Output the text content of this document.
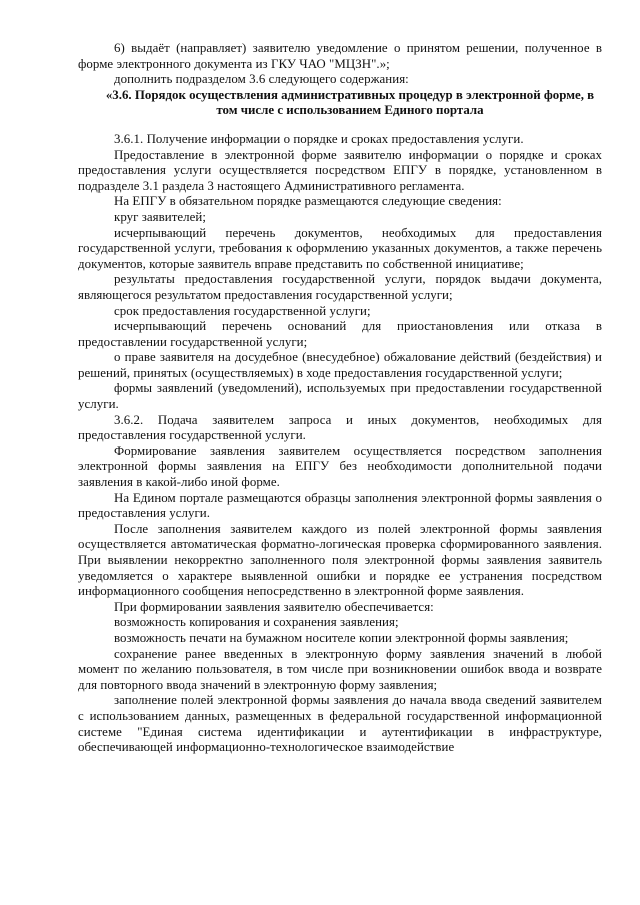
6) выдаёт (направляет) заявителю уведомление о принятом решении, полученное в форме электронного документа из ГКУ ЧАО "МЦЗН".»;

дополнить подразделом 3.6 следующего содержания:

«3.6. Порядок осуществления административных процедур в электронной форме, в том числе с использованием Единого портала

3.6.1. Получение информации о порядке и сроках предоставления услуги.

Предоставление в электронной форме заявителю информации о порядке и сроках предоставления услуги осуществляется посредством ЕПГУ в порядке, установленном в подразделе 3.1 раздела 3 настоящего Административного регламента.

На ЕПГУ в обязательном порядке размещаются следующие сведения:

круг заявителей;

исчерпывающий перечень документов, необходимых для предоставления государственной услуги, требования к оформлению указанных документов, а также перечень документов, которые заявитель вправе представить по собственной инициативе;

результаты предоставления государственной услуги, порядок выдачи документа, являющегося результатом предоставления государственной услуги;

срок предоставления государственной услуги;

исчерпывающий перечень оснований для приостановления или отказа в предоставлении государственной услуги;

о праве заявителя на досудебное (внесудебное) обжалование действий (бездействия) и решений, принятых (осуществляемых) в ходе предоставления государственной услуги;

формы заявлений (уведомлений), используемых при предоставлении государственной услуги.

3.6.2. Подача заявителем запроса и иных документов, необходимых для предоставления государственной услуги.

Формирование заявления заявителем осуществляется посредством заполнения электронной формы заявления на ЕПГУ без необходимости дополнительной подачи заявления в какой-либо иной форме.

На Едином портале размещаются образцы заполнения электронной формы заявления о предоставления услуги.

После заполнения заявителем каждого из полей электронной формы заявления осуществляется автоматическая форматно-логическая проверка сформированного заявления. При выявлении некорректно заполненного поля электронной формы заявления заявитель уведомляется о характере выявленной ошибки и порядке ее устранения посредством информационного сообщения непосредственно в электронной форме заявления.

При формировании заявления заявителю обеспечивается:

возможность копирования и сохранения заявления;

возможность печати на бумажном носителе копии электронной формы заявления;

сохранение ранее введенных в электронную форму заявления значений в любой момент по желанию пользователя, в том числе при возникновении ошибок ввода и возврате для повторного ввода значений в электронную форму заявления;

заполнение полей электронной формы заявления до начала ввода сведений заявителем с использованием данных, размещенных в федеральной государственной информационной системе "Единая система идентификации и аутентификации в инфраструктуре, обеспечивающей информационно-технологическое взаимодействие
